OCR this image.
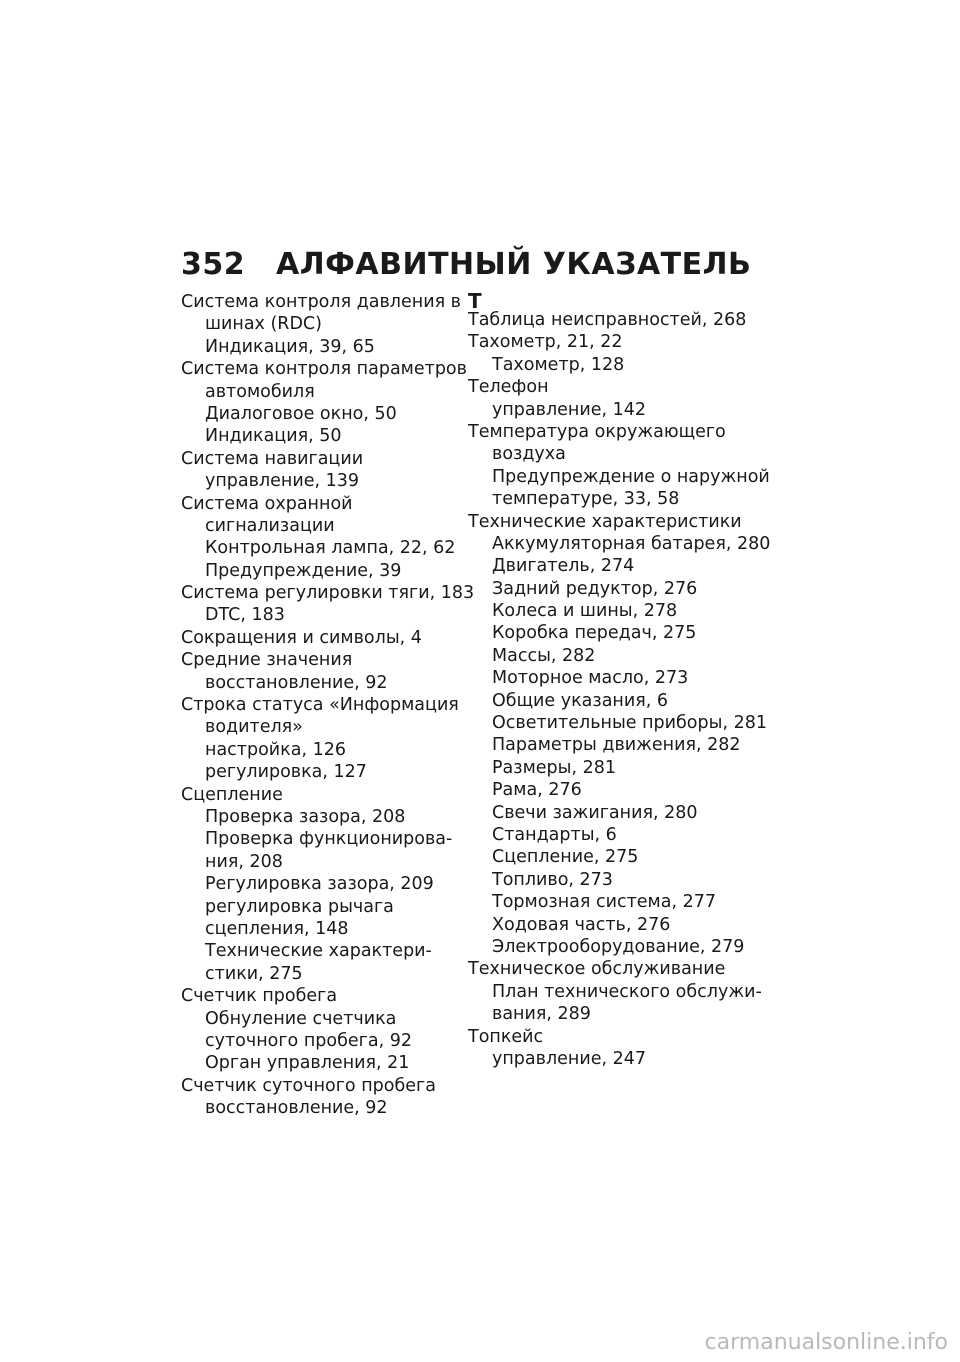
352	АЛФАВИТНЫЙ УКАЗАТЕЛЬ
Система контроля давления в
шинах (RDC)
Индикация, 39, 65
Система контроля параметров
автомобиля
Диалоговое окно, 50
Индикация, 50
Система навигации
управление, 139
Система охранной
сигнализации
Контрольная лампа, 22, 62
Предупреждение, 39
Система регулировки тяги, 183
DTC, 183
Сокращения и символы, 4
Средние значения
восстановление, 92
Строка статуса «Информация
водителя»
настройка, 126
регулировка, 127
Сцепление
Проверка зазора, 208
Проверка функционирова-
ния, 208
Регулировка зазора, 209
регулировка рычага
сцепления, 148
Технические характери-
стики, 275
Счетчик пробега
Обнуление счетчика
суточного пробега, 92
Орган управления, 21
Счетчик суточного пробега
восстановление, 92
Т
Таблица неисправностей, 268
Тахометр, 21, 22
Тахометр, 128
Телефон
управление, 142
Температура окружающего
воздуха
Предупреждение о наружной
температуре, 33, 58
Технические характеристики
Аккумуляторная батарея, 280
Двигатель, 274
Задний редуктор, 276
Колеса и шины, 278
Коробка передач, 275
Массы, 282
Моторное масло, 273
Общие указания, 6
Осветительные приборы, 281
Параметры движения, 282
Размеры, 281
Рама, 276
Свечи зажигания, 280
Стандарты, 6
Сцепление, 275
Топливо, 273
Тормозная система, 277
Ходовая часть, 276
Электрооборудование, 279
Техническое обслуживание
План технического обслужи-
вания, 289
Топкейс
управление, 247
carmanualsonline.info
